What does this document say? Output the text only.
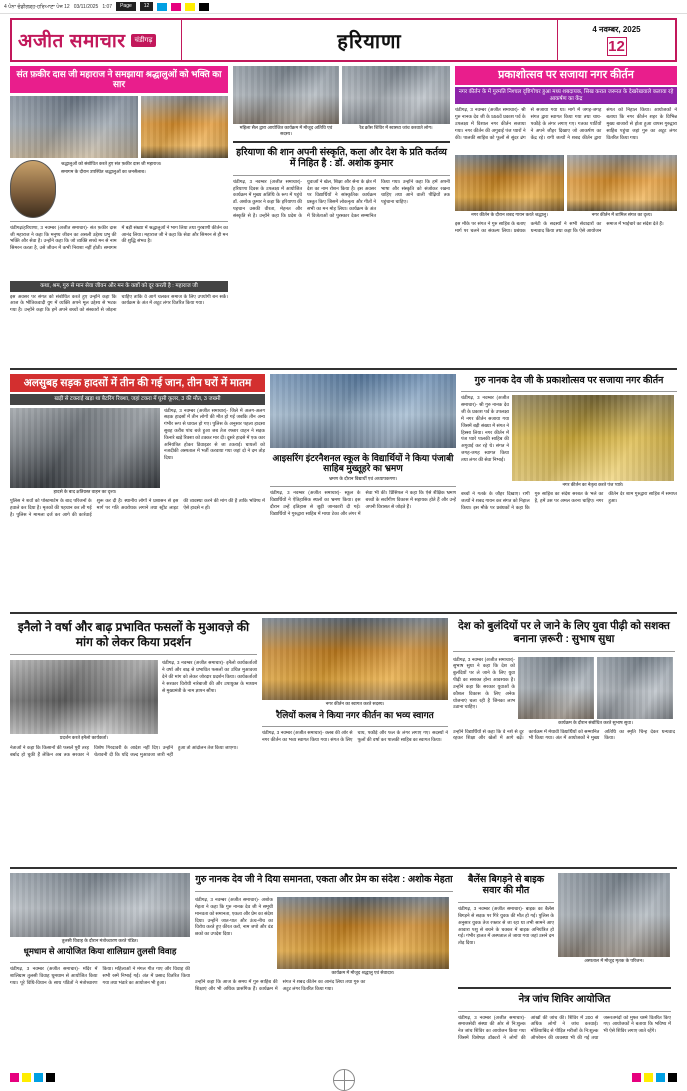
4 ਪੰਨਾ ਚੰਡੀਗੜ੍ਹ-ਹਰਿਆਣਾ ਪੇਜ 12 03/11/2025 1:07	Page	12
अजीत समाचार	चंडीगढ़	हरियाणा
4 नवम्बर, 2025
12
संत फ़कीर दास जी महाराज ने समझाया श्रद्धालुओं को भक्ति का सार
श्रद्धालुओं को संबोधित करते हुए संत फ़कीर दास जी महाराज।
समागम के दौरान उपस्थित श्रद्धालुओं का जनसैलाब।
चंडीगढ़/हरियाणा, 3 नवम्बर (अजीत समाचार)- संत फ़कीर दास जी महाराज ने कहा कि मनुष्य जीवन का असली उद्देश्य प्रभु की भक्ति और सेवा है। उन्होंने कहा कि जो व्यक्ति सच्चे मन से नाम सिमरन करता है, उसे जीवन में कभी निराशा नहीं होती। समागम में बड़ी संख्या में श्रद्धालुओं ने भाग लिया तथा गुरबाणी कीर्तन का आनंद लिया। महाराज जी ने कहा कि सेवा और सिमरन से ही मन की शुद्धि संभव है।
कथा, श्रम, गुरु से मान सेवा जीवन और मन के कष्टों को दूर करती है : महाराज जी
इस अवसर पर संगत को संबोधित करते हुए उन्होंने कहा कि आज के भौतिकवादी युग में व्यक्ति अपने मूल उद्देश्य से भटक गया है। उन्होंने कहा कि हमें अपने बच्चों को संस्कारों से जोड़ना चाहिए ताकि वे आगे चलकर समाज के लिए उपयोगी बन सकें। कार्यक्रम के अंत में अटूट लंगर वितरित किया गया।
महिला सैल द्वारा आयोजित कार्यक्रम में मौजूद अतिथि एवं सदस्य।
रैड क्रॉस शिविर में स्वास्थ्य जांच करवाते लोग।
हरियाणा की शान अपनी संस्कृति, कला और देश के प्रति कर्तव्य में निहित है : डॉ. अशोक कुमार
चंडीगढ़, 3 नवम्बर (अजीत समाचार)- हरियाणा दिवस के उपलक्ष्य में आयोजित कार्यक्रम में मुख्य अतिथि के रूप में पहुंचे डॉ. अशोक कुमार ने कहा कि हरियाणा की पहचान उसकी वीरता, मेहनत और संस्कृति से है। उन्होंने कहा कि प्रदेश के युवाओं ने खेल, शिक्षा और सेना के क्षेत्र में देश का नाम रोशन किया है। इस अवसर पर विद्यार्थियों ने सांस्कृतिक कार्यक्रम प्रस्तुत किए जिसमें लोकनृत्य और गीतों ने सभी का मन मोह लिया। कार्यक्रम के अंत में विजेताओं को पुरस्कार देकर सम्मानित किया गया। उन्होंने कहा कि हमें अपनी भाषा और संस्कृति को संजोकर रखना चाहिए तथा आने वाली पीढ़ियों तक पहुंचाना चाहिए।
प्रकाशोत्सव पर सजाया नगर कीर्तन
नगर कीर्तन के में गुरमति निश्चल दृष्टिगोचर हुआ मध्य शबदायक, सिख करात जरूरत के देखरेखवाले कलावा रहे आकर्षण का केंद्र
चंडीगढ़, 3 नवम्बर (अजीत समाचार)- श्री गुरु नानक देव जी के 556वें प्रकाश पर्व के उपलक्ष्य में विशाल नगर कीर्तन सजाया गया। नगर कीर्तन की अगुवाई पंज प्यारों ने की। पालकी साहिब को फूलों से सुंदर ढंग से सजाया गया था। मार्ग में जगह-जगह संगत द्वारा स्वागत किया गया तथा चाय-पकौड़े के लंगर लगाए गए। गतका पार्टियों ने अपने जौहर दिखाए जो आकर्षण का केंद्र रहे। रागी जत्थों ने शबद कीर्तन द्वारा संगत को निहाल किया। आयोजकों ने बताया कि नगर कीर्तन शहर के विभिन्न मुख्य बाजारों से होता हुआ वापस गुरुद्वारा साहिब पहुंचा जहां गुरु का अटूट लंगर वितरित किया गया।
नगर कीर्तन के दौरान शबद गायन करते श्रद्धालु।	नगर कीर्तन में शामिल संगत का दृश्य।
इस मौके पर संगत ने गुरु साहिब के बताए मार्ग पर चलने का संकल्प लिया। प्रबंधक कमेटी के सदस्यों ने सभी सेवादारों का धन्यवाद किया तथा कहा कि ऐसे आयोजन समाज में भाईचारे का संदेश देते हैं।
अलसुबह सड़क हादसों में तीन की गई जान, तीन घरों में मातम
खड़ी से टकराई खड़ा था बैटरिंग रिक्शा, जहां टकरा में घुसी कूलर, 3 की मौत, 3 जख्मी
हादसे के बाद क्षतिग्रस्त वाहन का दृश्य।
चंडीगढ़, 3 नवम्बर (अजीत समाचार)- जिले में अलग-अलग सड़क हादसों में तीन लोगों की मौत हो गई जबकि तीन अन्य गंभीर रूप से घायल हो गए। पुलिस के अनुसार पहला हादसा सुबह करीब पांच बजे हुआ जब तेज रफ्तार वाहन ने सड़क किनारे खड़े रिक्शा को टक्कर मार दी। दूसरे हादसे में एक कार अनियंत्रित होकर डिवाइडर से जा टकराई। घायलों को नजदीकी अस्पताल में भर्ती करवाया गया जहां दो ने दम तोड़ दिया।
पुलिस ने शवों को पोस्टमार्टम के बाद परिजनों के हवाले कर दिया है। मृतकों की पहचान कर ली गई है। पुलिस ने मामला दर्ज कर आगे की कार्रवाई शुरू कर दी है। स्थानीय लोगों ने प्रशासन से इस मार्ग पर गति अवरोधक लगाने तथा स्ट्रीट लाइट की व्यवस्था करने की मांग की है ताकि भविष्य में ऐसे हादसे न हों।
आइसरिंग इंटरनैशनल स्कूल के विद्यार्थियों ने किया पंजाबी साहिब मुख्तूहरे का भ्रमण
भ्रमण के दौरान विद्यार्थी एवं अध्यापकगण।
चंडीगढ़, 3 नवम्बर (अजीत समाचार)- स्कूल के विद्यार्थियों ने ऐतिहासिक स्थलों का भ्रमण किया। इस दौरान उन्हें इतिहास से जुड़ी जानकारी दी गई। विद्यार्थियों ने गुरुद्वारा साहिब में माथा टेका और लंगर में सेवा भी की। प्रिंसिपल ने कहा कि ऐसे शैक्षिक भ्रमण बच्चों के सर्वांगीण विकास में सहायक होते हैं और उन्हें अपनी विरासत से जोड़ते हैं।
गुरु नानक देव जी के प्रकाशोत्सव पर सजाया नगर कीर्तन
चंडीगढ़, 3 नवम्बर (अजीत समाचार)- श्री गुरु नानक देव जी के प्रकाश पर्व के उपलक्ष्य में नगर कीर्तन सजाया गया जिसमें बड़ी संख्या में संगत ने हिस्सा लिया। नगर कीर्तन में पंज प्यारे पालकी साहिब की अगुवाई कर रहे थे। संगत ने जगह-जगह स्वागत किया तथा लंगर की सेवा निभाई।
नगर कीर्तन का नेतृत्व करते पंज प्यारे।
बच्चों ने गतके के जौहर दिखाए। रागी जत्थों ने शबद गायन कर संगत को निहाल किया। इस मौके पर प्रबंधकों ने कहा कि गुरु साहिब का संदेश सरबत के भले का है, हमें उस पर अमल करना चाहिए। नगर कीर्तन देर शाम गुरुद्वारा साहिब में समाप्त हुआ।
इनैलो ने वर्षा और बाढ़ प्रभावित फसलों के मुआवज़े की मांग को लेकर किया प्रदर्शन
प्रदर्शन करते इनैलो कार्यकर्ता।
चंडीगढ़, 3 नवम्बर (अजीत समाचार)- इनैलो कार्यकर्ताओं ने वर्षा और बाढ़ से प्रभावित फसलों का उचित मुआवजा देने की मांग को लेकर जोरदार प्रदर्शन किया। कार्यकर्ताओं ने सरकार विरोधी नारेबाजी की और उपायुक्त के माध्यम से मुख्यमंत्री के नाम ज्ञापन सौंपा।
नेताओं ने कहा कि किसानों की फसलें पूरी तरह बर्बाद हो चुकी हैं लेकिन अब तक सरकार ने विशेष गिरदावरी के आदेश नहीं दिए। उन्होंने चेतावनी दी कि यदि जल्द मुआवजा जारी नहीं हुआ तो आंदोलन तेज किया जाएगा।
नगर कीर्तन का स्वागत करते सदस्य।
रैलियों कलब ने किया नगर कीर्तन का भव्य स्वागत
चंडीगढ़, 3 नवम्बर (अजीत समाचार)- क्लब की ओर से नगर कीर्तन का भव्य स्वागत किया गया। संगत के लिए चाय, पकौड़े और फल के लंगर लगाए गए। सदस्यों ने फूलों की वर्षा कर पालकी साहिब का स्वागत किया।
देश को बुलंदियों पर ले जाने के लिए युवा पीढ़ी को सशक्त बनाना ज़रूरी : सुभाष सुधा
चंडीगढ़, 3 नवम्बर (अजीत समाचार)- सुभाष सुधा ने कहा कि देश को बुलंदियों पर ले जाने के लिए युवा पीढ़ी का सशक्त होना आवश्यक है। उन्होंने कहा कि सरकार युवाओं के कौशल विकास के लिए अनेक योजनाएं चला रही है जिनका लाभ उठाना चाहिए।
कार्यक्रम के दौरान संबोधित करते सुभाष सुधा।
उन्होंने विद्यार्थियों से कहा कि वे नशे से दूर रहकर शिक्षा और खेलों में आगे बढ़ें। कार्यक्रम में मेधावी विद्यार्थियों को सम्मानित भी किया गया। अंत में आयोजकों ने मुख्य अतिथि का स्मृति चिन्ह देकर धन्यवाद किया।
तुलसी विवाह के दौरान मंत्रोच्चारण करते पंडित।
धूमधाम से आयोजित किया शालिग्राम तुलसी विवाह
चंडीगढ़, 3 नवम्बर (अजीत समाचार)- मंदिर में शालिग्राम तुलसी विवाह धूमधाम से आयोजित किया गया। पूरे विधि-विधान के साथ पंडितों ने मंत्रोच्चारण किया। महिलाओं ने मंगल गीत गाए और विवाह की सभी रस्में निभाई गईं। अंत में प्रसाद वितरित किया गया तथा भंडारे का आयोजन भी हुआ।
गुरु नानक देव जी ने दिया समानता, एकता और प्रेम का संदेश : अशोक मेहता
चंडीगढ़, 3 नवम्बर (अजीत समाचार)- अशोक मेहता ने कहा कि गुरु नानक देव जी ने समूची मानवता को समानता, एकता और प्रेम का संदेश दिया। उन्होंने जात-पात और ऊंच-नीच का विरोध करते हुए कीरत करो, नाम जपो और वंड छको का उपदेश दिया।
कार्यक्रम में मौजूद श्रद्धालु एवं सेवादार।
उन्होंने कहा कि आज के समय में गुरु साहिब की शिक्षाएं और भी अधिक प्रासंगिक हैं। कार्यक्रम में संगत ने शबद कीर्तन का आनंद लिया तथा गुरु का अटूट लंगर वितरित किया गया।
बैलेंस बिगड़ने से बाइक सवार की मौत
चंडीगढ़, 3 नवम्बर (अजीत समाचार)- बाइक का बैलेंस बिगड़ने से सड़क पर गिरे युवक की मौत हो गई। पुलिस के अनुसार युवक तेज रफ्तार से जा रहा था तभी सामने आए आवारा पशु से बचने के चक्कर में बाइक अनियंत्रित हो गई। गंभीर हालत में अस्पताल ले जाया गया जहां उसने दम तोड़ दिया।
अस्पताल में मौजूद मृतक के परिजन।
नेत्र जांच शिविर आयोजित
चंडीगढ़, 3 नवम्बर (अजीत समाचार)- समाजसेवी संस्था की ओर से नि:शुल्क नेत्र जांच शिविर का आयोजन किया गया जिसमें विशेषज्ञ डॉक्टरों ने लोगों की आंखों की जांच की। शिविर में 200 से अधिक लोगों ने जांच करवाई। मोतियाबिंद से पीड़ित मरीजों के नि:शुल्क ऑपरेशन की व्यवस्था भी की गई तथा जरूरतमंदों को मुफ्त चश्मे वितरित किए गए। आयोजकों ने बताया कि भविष्य में भी ऐसे शिविर लगाए जाते रहेंगे।
